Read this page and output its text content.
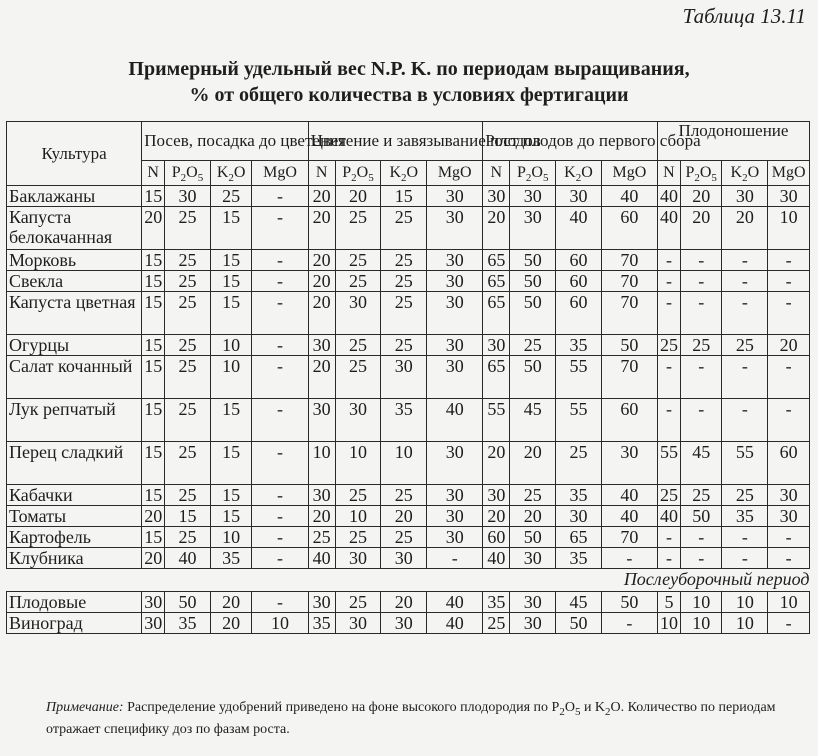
Таблица 13.11
Примерный удельный вес N.P. K. по периодам выращивания,
% от общего количества в условиях фертигации
Культура	Посев, посадка до цветения				Цветение и завязывание плодов				Рост плодов до первого сбора				Плодоношение			
	N	$P_2O_5$	$K_2O$	MgO	N	$P_2O_5$	$K_2O$	MgO	N	$P_2O_5$	$K_2O$	MgO	N	$P_2O_5$	$K_2O$	MgO
Баклажаны	15	30	25	-	20	20	15	30	30	30	30	40	40	20	30	30
Капуста белокачанная	20	25	15	-	20	25	25	30	20	30	40	60	40	20	20	10
Морковь	15	25	15	-	20	25	25	30	65	50	60	70	-	-	-	-
Свекла	15	25	15	-	20	25	25	30	65	50	60	70	-	-	-	-
Капуста цветная	15	25	15	-	20	30	25	30	65	50	60	70	-	-	-	-
Огурцы	15	25	10	-	30	25	25	30	30	25	35	50	25	25	25	20
Салат кочанный	15	25	10	-	20	25	30	30	65	50	55	70	-	-	-	-
Лук репчатый	15	25	15	-	30	30	35	40	55	45	55	60	-	-	-	-
Перец сладкий	15	25	15	-	10	10	10	30	20	20	25	30	55	45	55	60
Кабачки	15	25	15	-	30	25	25	30	30	25	35	40	25	25	25	30
Томаты	20	15	15	-	20	10	20	30	20	20	30	40	40	50	35	30
Картофель	15	25	10	-	25	25	25	30	60	50	65	70	-	-	-	-
Клубника	20	40	35	-	40	30	30	-	40	30	35	-	-	-	-	-
Послеуборочный период																
Плодовые	30	50	20	-	30	25	20	40	35	30	45	50	5	10	10	10
Виноград	30	35	20	10	35	30	30	40	25	30	50	-	10	10	10	-
Примечание: Распределение удобрений приведено на фоне высокого плодородия по $P_2O_5$ и $K_2O$. Количество по периодам отражает специфику доз по фазам роста.
